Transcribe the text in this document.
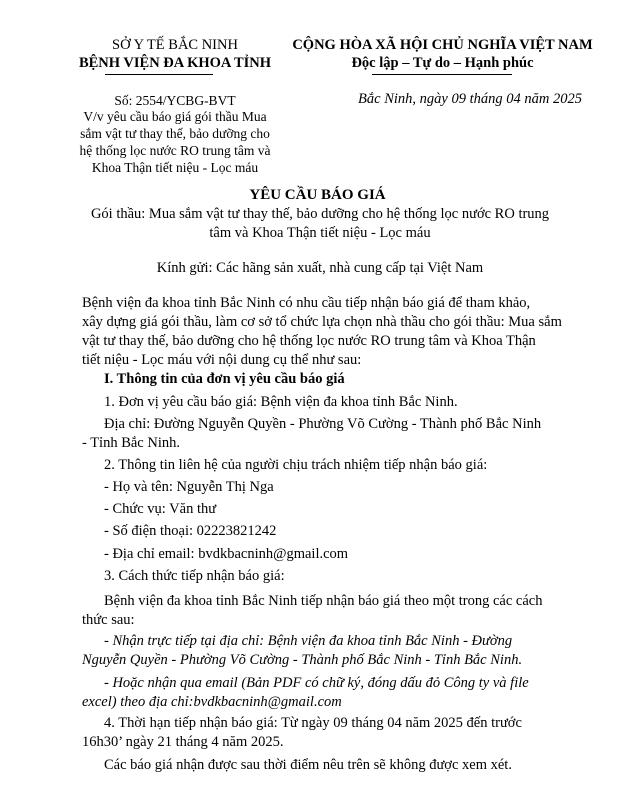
SỞ Y TẾ BẮC NINH
BỆNH VIỆN ĐA KHOA TỈNH
Số: 2554/YCBG-BVT
V/v yêu cầu báo giá gói thầu Mua
sắm vật tư thay thế, bảo dưỡng cho
hệ thống lọc nước RO trung tâm và
Khoa Thận tiết niệu - Lọc máu
CỘNG HÒA XÃ HỘI CHỦ NGHĨA VIỆT NAM
Độc lập – Tự do – Hạnh phúc
Bắc Ninh, ngày 09 tháng 04 năm 2025
YÊU CẦU BÁO GIÁ
Gói thầu: Mua sắm vật tư thay thế, bảo dưỡng cho hệ thống lọc nước RO trung
tâm và Khoa Thận tiết niệu - Lọc máu
Kính gửi: Các hãng sản xuất, nhà cung cấp tại Việt Nam
Bệnh viện đa khoa tỉnh Bắc Ninh có nhu cầu tiếp nhận báo giá để tham khảo,
xây dựng giá gói thầu, làm cơ sở tổ chức lựa chọn nhà thầu cho gói thầu: Mua sắm
vật tư thay thế, bảo dưỡng cho hệ thống lọc nước RO trung tâm và Khoa Thận
tiết niệu - Lọc máu với nội dung cụ thể như sau:
I. Thông tin của đơn vị yêu cầu báo giá
1. Đơn vị yêu cầu báo giá: Bệnh viện đa khoa tỉnh Bắc Ninh.
Địa chỉ: Đường Nguyễn Quyền - Phường Võ Cường - Thành phố Bắc Ninh
- Tỉnh Bắc Ninh.
2. Thông tin liên hệ của người chịu trách nhiệm tiếp nhận báo giá:
- Họ và tên: Nguyễn Thị Nga
- Chức vụ: Văn thư
- Số điện thoại: 02223821242
- Địa chỉ email: bvdkbacninh@gmail.com
3. Cách thức tiếp nhận báo giá:
Bệnh viện đa khoa tỉnh Bắc Ninh tiếp nhận báo giá theo một trong các cách
thức sau:
- Nhận trực tiếp tại địa chỉ: Bệnh viện đa khoa tỉnh Bắc Ninh - Đường
Nguyễn Quyền - Phường Võ Cường - Thành phố Bắc Ninh - Tỉnh Bắc Ninh.
- Hoặc nhận qua email (Bản PDF có chữ ký, đóng dấu đỏ Công ty và file
excel) theo địa chỉ:bvdkbacninh@gmail.com
4. Thời hạn tiếp nhận báo giá: Từ ngày 09 tháng 04 năm 2025 đến trước
16h30’ ngày 21 tháng 4 năm 2025.
Các báo giá nhận được sau thời điểm nêu trên sẽ không được xem xét.
